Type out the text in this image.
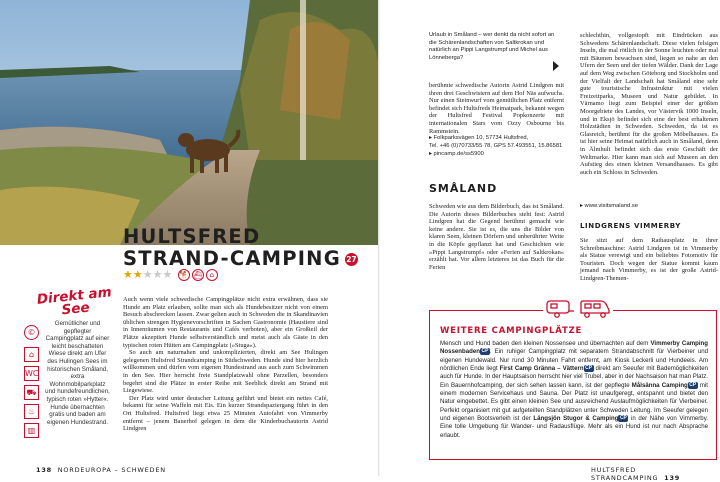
HULTSFRED STRAND-CAMPING 27
★★★★★ 🐕 ⛴ ⌂
Direkt am See
©
⌂
WC
⛟
♨
▥
Gemütlicher und gepflegter Campingplatz auf einer leicht beschatteten Wiese direkt am Ufer des Hulingen Sees im historischen Småland, extra Wohnmobilparkplatz und hundefreundlichen, typisch roten »Hytter«. Hunde übernachten gratis und baden am eigenen Hundestrand.

Auch wenn viele schwedische Campingplätze nicht extra erwähnen, dass sie Hunde am Platz erlauben, sollte man sich als Hundebesitzer nicht von einem Besuch abschrecken lassen. Zwar gelten auch in Schweden die in Skandinavien üblichen strengen Hygienevorschriften in Sachen Gastronomie (Haustiere sind in Innenräumen von Restaurants und Cafés verboten), aber ein Großteil der Plätze akzeptiert Hunde selbstverständlich und meist auch als Gäste in den typischen roten Hütten am Campingplatz (»Stuga«).

So auch am naturnahen und unkomplizierten, direkt am See Hulingen gelegenen Hultsfred Strandcamping in Südschweden. Hunde sind hier herzlich willkommen und dürfen vom eigenen Hundestrand aus auch zum Schwimmen in den See. Hier herrscht freie Standplatzwahl ohne Parzellen, besonders begehrt sind die Plätze in erster Reihe mit Seeblick direkt am Strand mit Liegewiese.

Der Platz wird unter deutscher Leitung geführt und bietet ein nettes Café, bekannt für seine Waffeln mit Eis. Ein kurzer Strandspaziergang führt in den Ort Hultsfred. Hultsfred liegt etwa 25 Minuten Autofahrt von Vimmerby entfernt – jenem Bauerhof gelegen in dem die Kinderbuchautorin Astrid Lindgren

138 NORDEUROPA – SCHWEDEN
Urlaub in Småland – wer denkt da nicht sofort an die Schärenlandschaften von Saltkrokan und natürlich an Pippi Langstrumpf und Michel aus Lönneberga?

berühmte schwedische Autorin Astrid Lindgren mit ihren drei Geschwistern auf dem Hof Näs aufwuchs. Nur einen Steinwurf vom gemütlichen Platz entfernt befindet sich Hultsfreds Heimatpark, bekannt wegen der Hultsfred Festival Popkonzerte mit internationalen Stars vom Ozzy Osbourne bis Rammstein.

▸ Folkparksvägen 10, 57734 Hultsfred,

Tel. +46 (0)70733/55 78, GPS 57.493551, 15.86581

▸ pincamp.de/ss5900

SMÅLAND

Schweden wie aus dem Bilderbuch, das ist Småland. Die Autorin dieses Bilderbuches steht fest: Astrid Lindgren hat die Gegend berühmt gemacht wie keine andere. Sie ist es, die uns die Bilder von klaren Seen, kleinen Dörfern und unberührter Weite in die Köpfe gepflanzt hat und Geschichten wie »Pippi Langstrumpf« oder »Ferien auf Saltkrokan« erzählt hat. Vor allem letzteres ist das Buch für die Ferien

schlechthin, vollgestopft mit Eindrücken aus Schwedens Schärenlandschaft. Diese vielen felsigen Inseln, die mal rötlich in der Sonne leuchten oder mal mit Bäumen bewachsen sind, liegen so nahe an den Ufern der Seen und der tiefen Wälder. Dank der Lage auf dem Weg zwischen Göteborg und Stockholm und der Vielfalt der Landschaft hat Småland eine sehr gute touristische Infrastruktur mit vielen Freizeitparks, Museen und Natur gebildet. In Värnamo liegt zum Beispiel einer der größten Moorgebiete des Landes, vor Västervik 1000 Inseln, und in Eksjö befindet sich eine der best erhaltenen Holzstädten in Schweden. Schweden, da ist es Glasreich, berühmt für die großen Möbelhauses. Es ist hier seine Heimat natürlich auch in Småland, denn in Älmhult befindet sich das erste Geschäft der Weltmarke. Hier kann man sich auf Museen an den Aufstieg des einen kleinen Versandhauses. Es gibt auch ein Schloss in Schweden.

▸ www.visitsmaland.se
LINDGRENS VIMMERBY

Sie sitzt auf dem Rathausplatz in ihrer Schreibmaschine: Astrid Lindgren ist in Vimmerby als Statue verewigt und ein beliebtes Fotomotiv für Touristen. Doch wegen der Statue kommt kaum jemand nach Vimmerby, es ist der große Astrid-Lindgren-Themen-

WEITERE CAMPINGPLÄTZE
Mensch und Hund baden den kleinen Nossensee und übernachten auf dem Vimmerby Camping Nossenbaden CP . Ein ruhiger Campingplatz mit separatem Strandabschnitt für Vierbeiner und eigenen Hundewald. Nur rund 30 Minuten Fahrt entfernt, am Kiosk Leckerli und Hundeeis. Am nördlichen Ende liegt First Camp Gränna – Vättern CP direkt am Seeufer mit Bademöglichkeiten auch für Hunde. In der Hauptsaison herrscht hier viel Trubel, aber in der Nachsaison hat man Platz. Ein Bauernhofcamping, der sich sehen lassen kann, ist der gepflegte Målsänna Camping CP mit einem modernen Servicehaus und Sauna. Der Platz ist unaufgeregt, entspannt und bietet den Natur eingebettet. Es gibt einen kleinen See und ausreichend Auslaufmöglichkeiten für Vierbeiner. Perfekt organisiert mit gut aufgeteilten Standplätzen unter Schweden Leitung. Im Seeufer gelegen und eigenen Bootsverleih ist der Längsjön Stugor & Camping CP in der Nähe von Vimmerby. Eine tolle Umgebung für Wander- und Radausflüge. Mehr als ein Hund ist nur nach Absprache erlaubt.
HULTSFRED STRANDCAMPING 139
